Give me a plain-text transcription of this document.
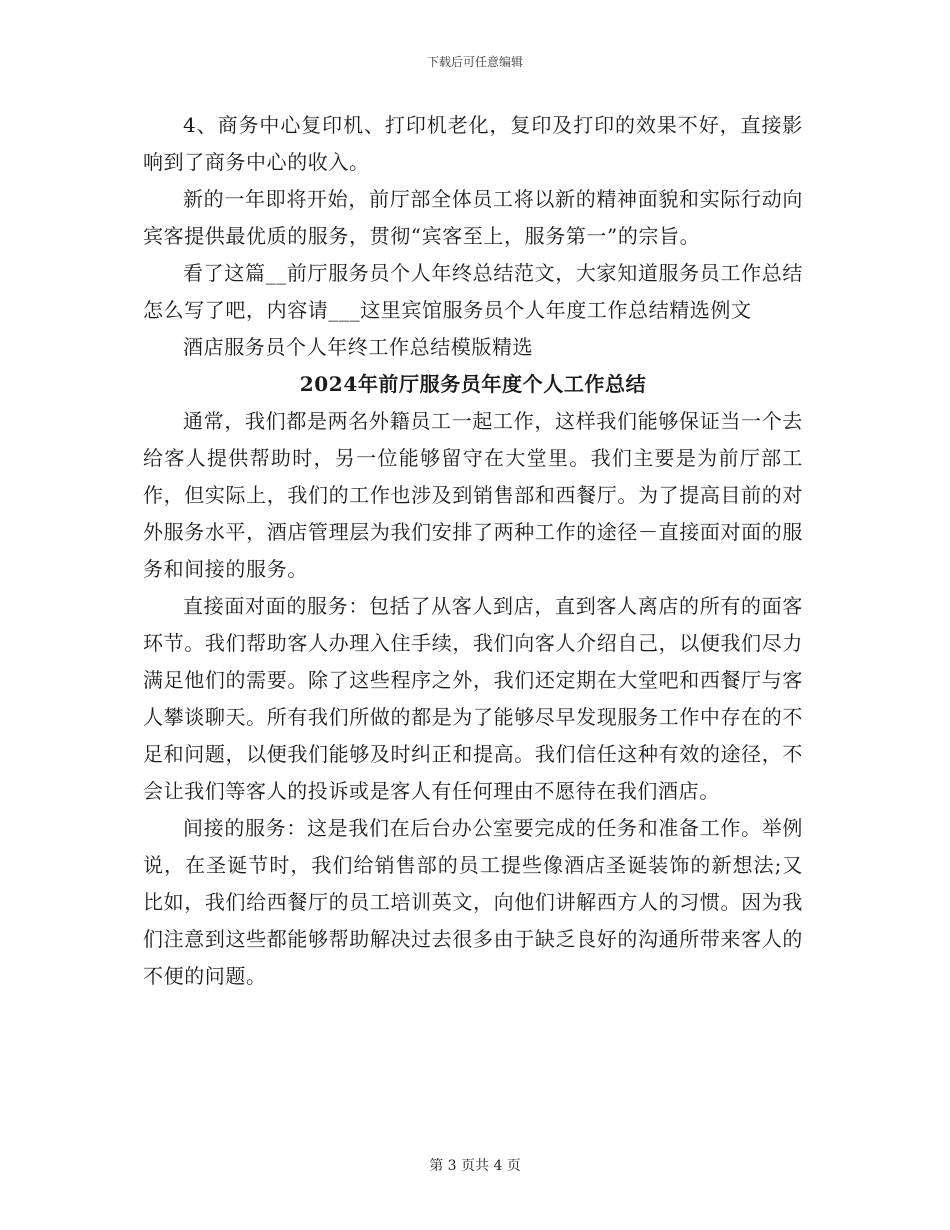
下载后可任意编辑

4、商务中心复印机、打印机老化，复印及打印的效果不好，直接影响到了商务中心的收入。

新的一年即将开始，前厅部全体员工将以新的精神面貌和实际行动向宾客提供最优质的服务，贯彻“宾客至上，服务第一”的宗旨。

看了这篇__前厅服务员个人年终总结范文，大家知道服务员工作总结怎么写了吧，内容请___这里宾馆服务员个人年度工作总结精选例文

酒店服务员个人年终工作总结模版精选

2024年前厅服务员年度个人工作总结

通常，我们都是两名外籍员工一起工作，这样我们能够保证当一个去给客人提供帮助时，另一位能够留守在大堂里。我们主要是为前厅部工作，但实际上，我们的工作也涉及到销售部和西餐厅。为了提高目前的对外服务水平，酒店管理层为我们安排了两种工作的途径－直接面对面的服务和间接的服务。

直接面对面的服务：包括了从客人到店，直到客人离店的所有的面客环节。我们帮助客人办理入住手续，我们向客人介绍自己，以便我们尽力满足他们的需要。除了这些程序之外，我们还定期在大堂吧和西餐厅与客人攀谈聊天。所有我们所做的都是为了能够尽早发现服务工作中存在的不足和问题，以便我们能够及时纠正和提高。我们信任这种有效的途径，不会让我们等客人的投诉或是客人有任何理由不愿待在我们酒店。

间接的服务：这是我们在后台办公室要完成的任务和准备工作。举例说，在圣诞节时，我们给销售部的员工提些像酒店圣诞装饰的新想法;又比如，我们给西餐厅的员工培训英文，向他们讲解西方人的习惯。因为我们注意到这些都能够帮助解决过去很多由于缺乏良好的沟通所带来客人的不便的问题。

第 3 页共 4 页
